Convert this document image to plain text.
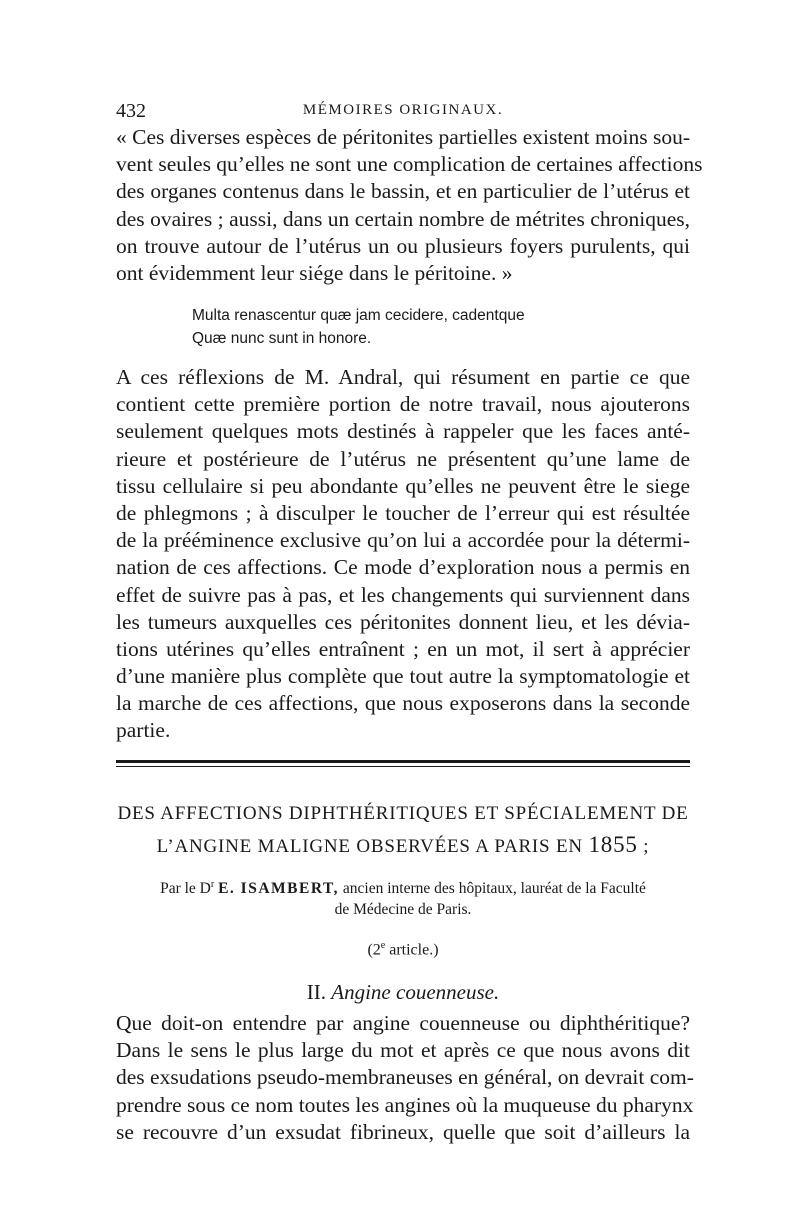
432	MÉMOIRES ORIGINAUX.

« Ces diverses espèces de péritonites partielles existent moins sou-
vent seules qu’elles ne sont une complication de certaines affections
des organes contenus dans le bassin, et en particulier de l’utérus et
des ovaires ; aussi, dans un certain nombre de métrites chroniques,
on trouve autour de l’utérus un ou plusieurs foyers purulents, qui
ont évidemment leur siége dans le péritoine. »

Multa renascentur quæ jam cecidere, cadentque
Quæ nunc sunt in honore.

A ces réflexions de M. Andral, qui résument en partie ce que
contient cette première portion de notre travail, nous ajouterons
seulement quelques mots destinés à rappeler que les faces anté-
rieure et postérieure de l’utérus ne présentent qu’une lame de
tissu cellulaire si peu abondante qu’elles ne peuvent être le siege
de phlegmons ; à disculper le toucher de l’erreur qui est résultée
de la prééminence exclusive qu’on lui a accordée pour la détermi-
nation de ces affections. Ce mode d’exploration nous a permis en
effet de suivre pas à pas, et les changements qui surviennent dans
les tumeurs auxquelles ces péritonites donnent lieu, et les dévia-
tions utérines qu’elles entraînent ; en un mot, il sert à apprécier
d’une manière plus complète que tout autre la symptomatologie et
la marche de ces affections, que nous exposerons dans la seconde
partie.

DES AFFECTIONS DIPHTHÉRITIQUES ET SPÉCIALEMENT DE
L’ANGINE MALIGNE OBSERVÉES A PARIS EN 1855 ;
Par le $D^r$ E. ISAMBERT, ancien interne des hôpitaux, lauréat de la Faculté
de Médecine de Paris.
(2e article.)
II. Angine couenneuse.

Que doit-on entendre par angine couenneuse ou diphthéritique?
Dans le sens le plus large du mot et après ce que nous avons dit
des exsudations pseudo-membraneuses en général, on devrait com-
prendre sous ce nom toutes les angines où la muqueuse du pharynx
se recouvre d’un exsudat fibrineux, quelle que soit d’ailleurs la
